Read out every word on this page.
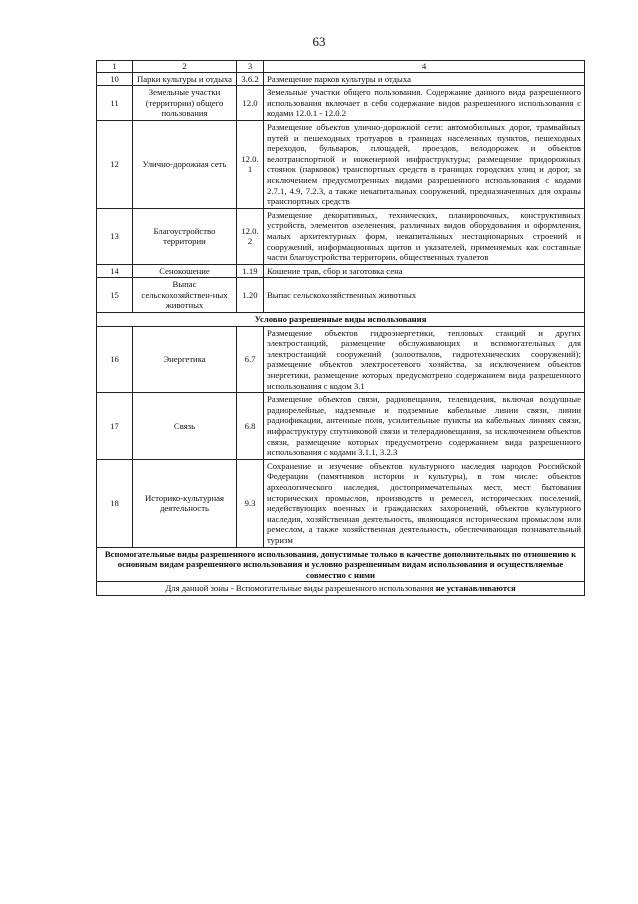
63
1	2	3	4
10	Парки культуры и отдыха	3.6.2	Размещение парков культуры и отдыха
11	Земельные участки (территории) общего пользования	12.0	Земельные участки общего пользования. Содержание данного вида разрешенного использования включает в себя содержание видов разрешенного использования с кодами 12.0.1 - 12.0.2
12	Улично-дорожная сеть	12.0.1	Размещение объектов улично-дорожной сети: автомобильных дорог, трамвайных путей и пешеходных тротуаров в границах населенных пунктов, пешеходных переходов, бульваров, площадей, проездов, велодорожек и объектов велотранспортной и инженерной инфраструктуры; размещение придорожных стоянок (парковок) транспортных средств в границах городских улиц и дорог, за исключением предусмотренных видами разрешенного использования с кодами 2.7.1, 4.9, 7.2.3, а также некапитальных сооружений, предназначенных для охраны транспортных средств
13	Благоустройство территории	12.0.2	Размещение декоративных, технических, планировочных, конструктивных устройств, элементов озеленения, различных видов оборудования и оформления, малых архитектурных форм, некапитальных нестационарных строений и сооружений, информационных щитов и указателей, применяемых как составные части благоустройства территории, общественных туалетов
14	Сенокошение	1.19	Кошение трав, сбор и заготовка сена
15	Выпас сельскохозяйствен-ных животных	1.20	Выпас сельскохозяйственных животных
Условно разрешенные виды использования			
16	Энергетика	6.7	Размещение объектов гидроэнергетики, тепловых станций и других электростанций, размещение обслуживающих и вспомогательных для электростанций сооружений (золоотвалов, гидротехнических сооружений); размещение объектов электросетевого хозяйства, за исключением объектов энергетики, размещение которых предусмотрено содержанием вида разрешенного использования с кодом 3.1
17	Связь	6.8	Размещение объектов связи, радиовещания, телевидения, включая воздушные радиорелейные, надземные и подземные кабельные линии связи, линии радиофикации, антенные поля, усилительные пункты на кабельных линиях связи, инфраструктуру спутниковой связи и телерадиовещания, за исключением объектов связи, размещение которых предусмотрено содержанием вида разрешенного использования с кодами 3.1.1, 3.2.3
18	Историко-культурная деятельность	9.3	Сохранение и изучение объектов культурного наследия народов Российской Федерации (памятников истории и культуры), в том числе: объектов археологического наследия, достопримечательных мест, мест бытования исторических промыслов, производств и ремесел, исторических поселений, недействующих военных и гражданских захоронений, объектов культурного наследия, хозяйственная деятельность, являющаяся историческим промыслом или ремеслом, а также хозяйственная деятельность, обеспечивающая познавательный туризм
Вспомогательные виды разрешенного использования, допустимые только в качестве дополнительных по отношению к основным видам разрешенного использования и условно разрешенным видам использования и осуществляемые совместно с ними			
Для данной зоны - Вспомогательные виды разрешенного использования не устанавливаются			
